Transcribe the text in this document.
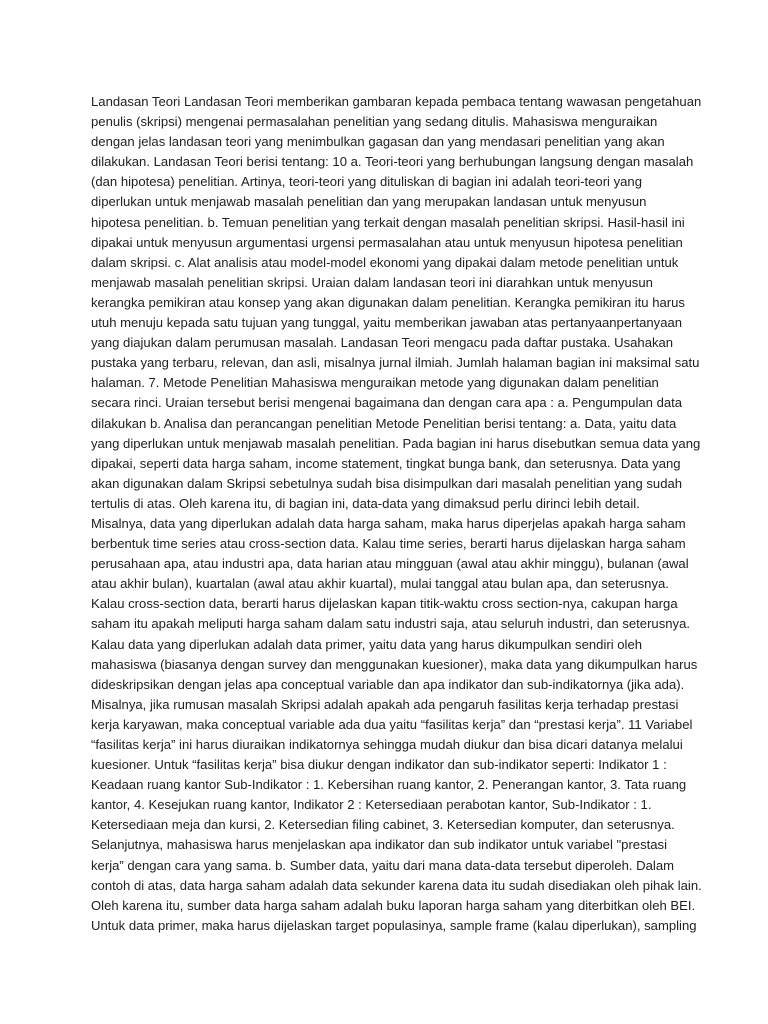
Landasan Teori Landasan Teori memberikan gambaran kepada pembaca tentang wawasan pengetahuan
penulis (skripsi) mengenai permasalahan penelitian yang sedang ditulis. Mahasiswa menguraikan
dengan jelas landasan teori yang menimbulkan gagasan dan yang mendasari penelitian yang akan
dilakukan. Landasan Teori berisi tentang: 10 a. Teori-teori yang berhubungan langsung dengan masalah
(dan hipotesa) penelitian. Artinya, teori-teori yang dituliskan di bagian ini adalah teori-teori yang
diperlukan untuk menjawab masalah penelitian dan yang merupakan landasan untuk menyusun
hipotesa penelitian. b. Temuan penelitian yang terkait dengan masalah penelitian skripsi. Hasil-hasil ini
dipakai untuk menyusun argumentasi urgensi permasalahan atau untuk menyusun hipotesa penelitian
dalam skripsi. c. Alat analisis atau model-model ekonomi yang dipakai dalam metode penelitian untuk
menjawab masalah penelitian skripsi. Uraian dalam landasan teori ini diarahkan untuk menyusun
kerangka pemikiran atau konsep yang akan digunakan dalam penelitian. Kerangka pemikiran itu harus
utuh menuju kepada satu tujuan yang tunggal, yaitu memberikan jawaban atas pertanyaanpertanyaan
yang diajukan dalam perumusan masalah. Landasan Teori mengacu pada daftar pustaka. Usahakan
pustaka yang terbaru, relevan, dan asli, misalnya jurnal ilmiah. Jumlah halaman bagian ini maksimal satu
halaman. 7. Metode Penelitian Mahasiswa menguraikan metode yang digunakan dalam penelitian
secara rinci. Uraian tersebut berisi mengenai bagaimana dan dengan cara apa : a. Pengumpulan data
dilakukan b. Analisa dan perancangan penelitian Metode Penelitian berisi tentang: a. Data, yaitu data
yang diperlukan untuk menjawab masalah penelitian. Pada bagian ini harus disebutkan semua data yang
dipakai, seperti data harga saham, income statement, tingkat bunga bank, dan seterusnya. Data yang
akan digunakan dalam Skripsi sebetulnya sudah bisa disimpulkan dari masalah penelitian yang sudah
tertulis di atas. Oleh karena itu, di bagian ini, data-data yang dimaksud perlu dirinci lebih detail.
Misalnya, data yang diperlukan adalah data harga saham, maka harus diperjelas apakah harga saham
berbentuk time series atau cross-section data. Kalau time series, berarti harus dijelaskan harga saham
perusahaan apa, atau industri apa, data harian atau mingguan (awal atau akhir minggu), bulanan (awal
atau akhir bulan), kuartalan (awal atau akhir kuartal), mulai tanggal atau bulan apa, dan seterusnya.
Kalau cross-section data, berarti harus dijelaskan kapan titik-waktu cross section-nya, cakupan harga
saham itu apakah meliputi harga saham dalam satu industri saja, atau seluruh industri, dan seterusnya.
Kalau data yang diperlukan adalah data primer, yaitu data yang harus dikumpulkan sendiri oleh
mahasiswa (biasanya dengan survey dan menggunakan kuesioner), maka data yang dikumpulkan harus
dideskripsikan dengan jelas apa conceptual variable dan apa indikator dan sub-indikatornya (jika ada).
Misalnya, jika rumusan masalah Skripsi adalah apakah ada pengaruh fasilitas kerja terhadap prestasi
kerja karyawan, maka conceptual variable ada dua yaitu “fasilitas kerja” dan “prestasi kerja”. 11 Variabel
“fasilitas kerja” ini harus diuraikan indikatornya sehingga mudah diukur dan bisa dicari datanya melalui
kuesioner. Untuk “fasilitas kerja” bisa diukur dengan indikator dan sub-indikator seperti: Indikator 1 :
Keadaan ruang kantor Sub-Indikator : 1. Kebersihan ruang kantor, 2. Penerangan kantor, 3. Tata ruang
kantor, 4. Kesejukan ruang kantor, Indikator 2 : Ketersediaan perabotan kantor, Sub-Indikator : 1.
Ketersediaan meja dan kursi, 2. Ketersedian filing cabinet, 3. Ketersedian komputer, dan seterusnya.
Selanjutnya, mahasiswa harus menjelaskan apa indikator dan sub indikator untuk variabel "prestasi
kerja” dengan cara yang sama. b. Sumber data, yaitu dari mana data-data tersebut diperoleh. Dalam
contoh di atas, data harga saham adalah data sekunder karena data itu sudah disediakan oleh pihak lain.
Oleh karena itu, sumber data harga saham adalah buku laporan harga saham yang diterbitkan oleh BEI.
Untuk data primer, maka harus dijelaskan target populasinya, sample frame (kalau diperlukan), sampling
